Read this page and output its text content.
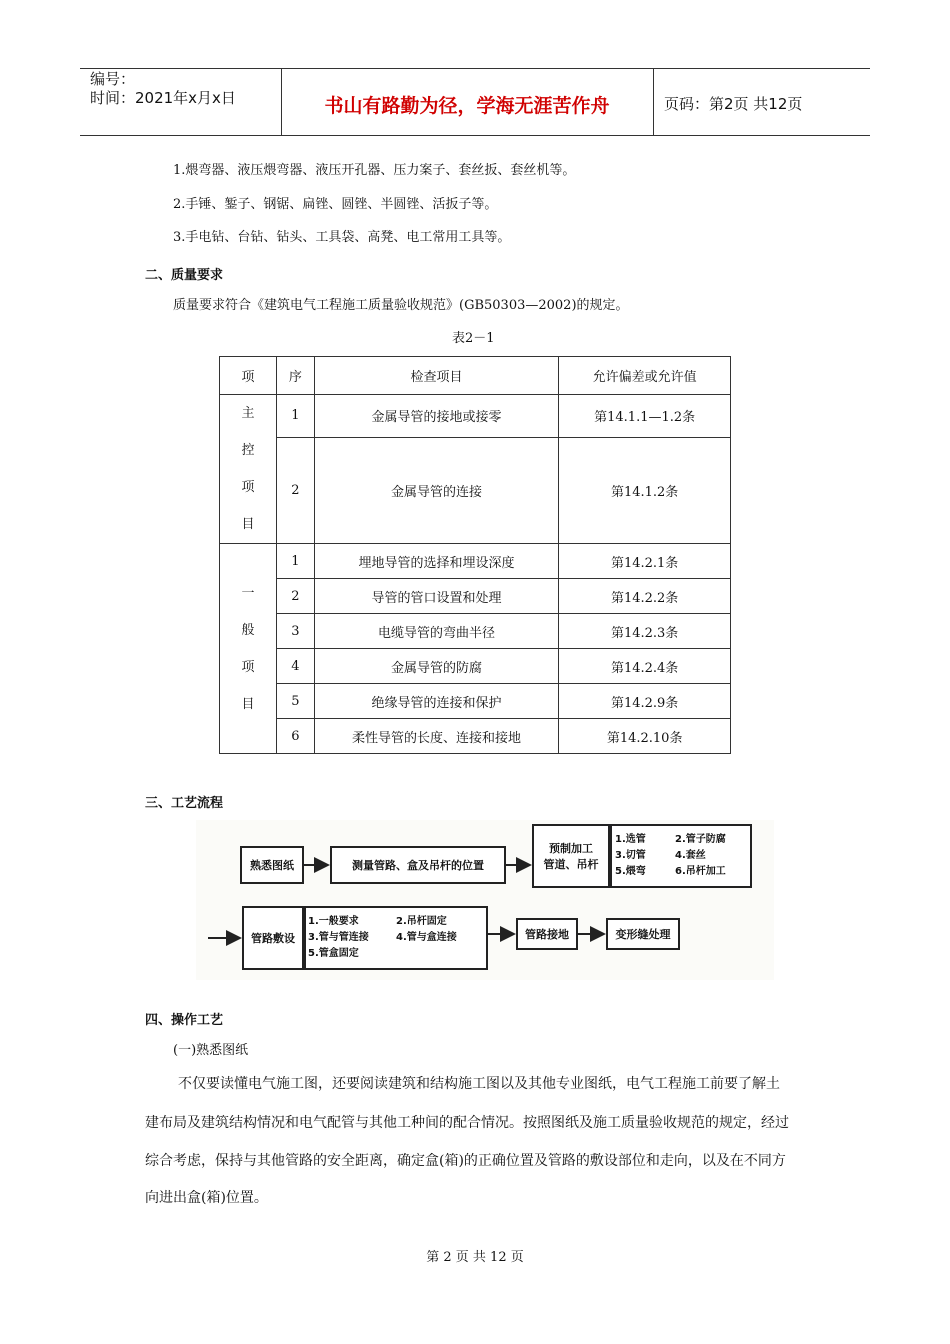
编号：
时间：2021年x月x日	书山有路勤为径，学海无涯苦作舟	页码：第2页 共12页
1.煨弯器、液压煨弯器、液压开孔器、压力案子、套丝扳、套丝机等。
2.手锤、錾子、钢锯、扁锉、圆锉、半圆锉、活扳子等。
3.手电钻、台钻、钻头、工具袋、高凳、电工常用工具等。
二、质量要求
质量要求符合《建筑电气工程施工质量验收规范》(GB50303—2002)的规定。
表2－1
项	序	检查项目	允许偏差或允许值

主
控
项
目	1	金属导管的接地或接零	第14.1.1—1.2条
	2	金属导管的连接	第14.1.2条

一
般
项
目	1	埋地导管的选择和埋设深度	第14.2.1条
	2	导管的管口设置和处理	第14.2.2条
	3	电缆导管的弯曲半径	第14.2.3条
	4	金属导管的防腐	第14.2.4条
	5	绝缘导管的连接和保护	第14.2.9条
	6	柔性导管的长度、连接和接地	第14.2.10条
三、工艺流程
熟悉图纸	测量管路、盒及吊杆的位置
预制加工
管道、吊杆
1.选管	2.管子防腐
3.切管	4.套丝
5.煨弯	6.吊杆加工
管路敷设
1.一般要求	2.吊杆固定
3.管与管连接	4.管与盒连接
5.管盒固定
管路接地	变形缝处理
四、操作工艺
(一)熟悉图纸
不仅要读懂电气施工图，还要阅读建筑和结构施工图以及其他专业图纸，电气工程施工前要了解土
建布局及建筑结构情况和电气配管与其他工种间的配合情况。按照图纸及施工质量验收规范的规定，经过
综合考虑，保持与其他管路的安全距离，确定盒(箱)的正确位置及管路的敷设部位和走向，以及在不同方
向进出盒(箱)位置。
第 2 页 共 12 页
